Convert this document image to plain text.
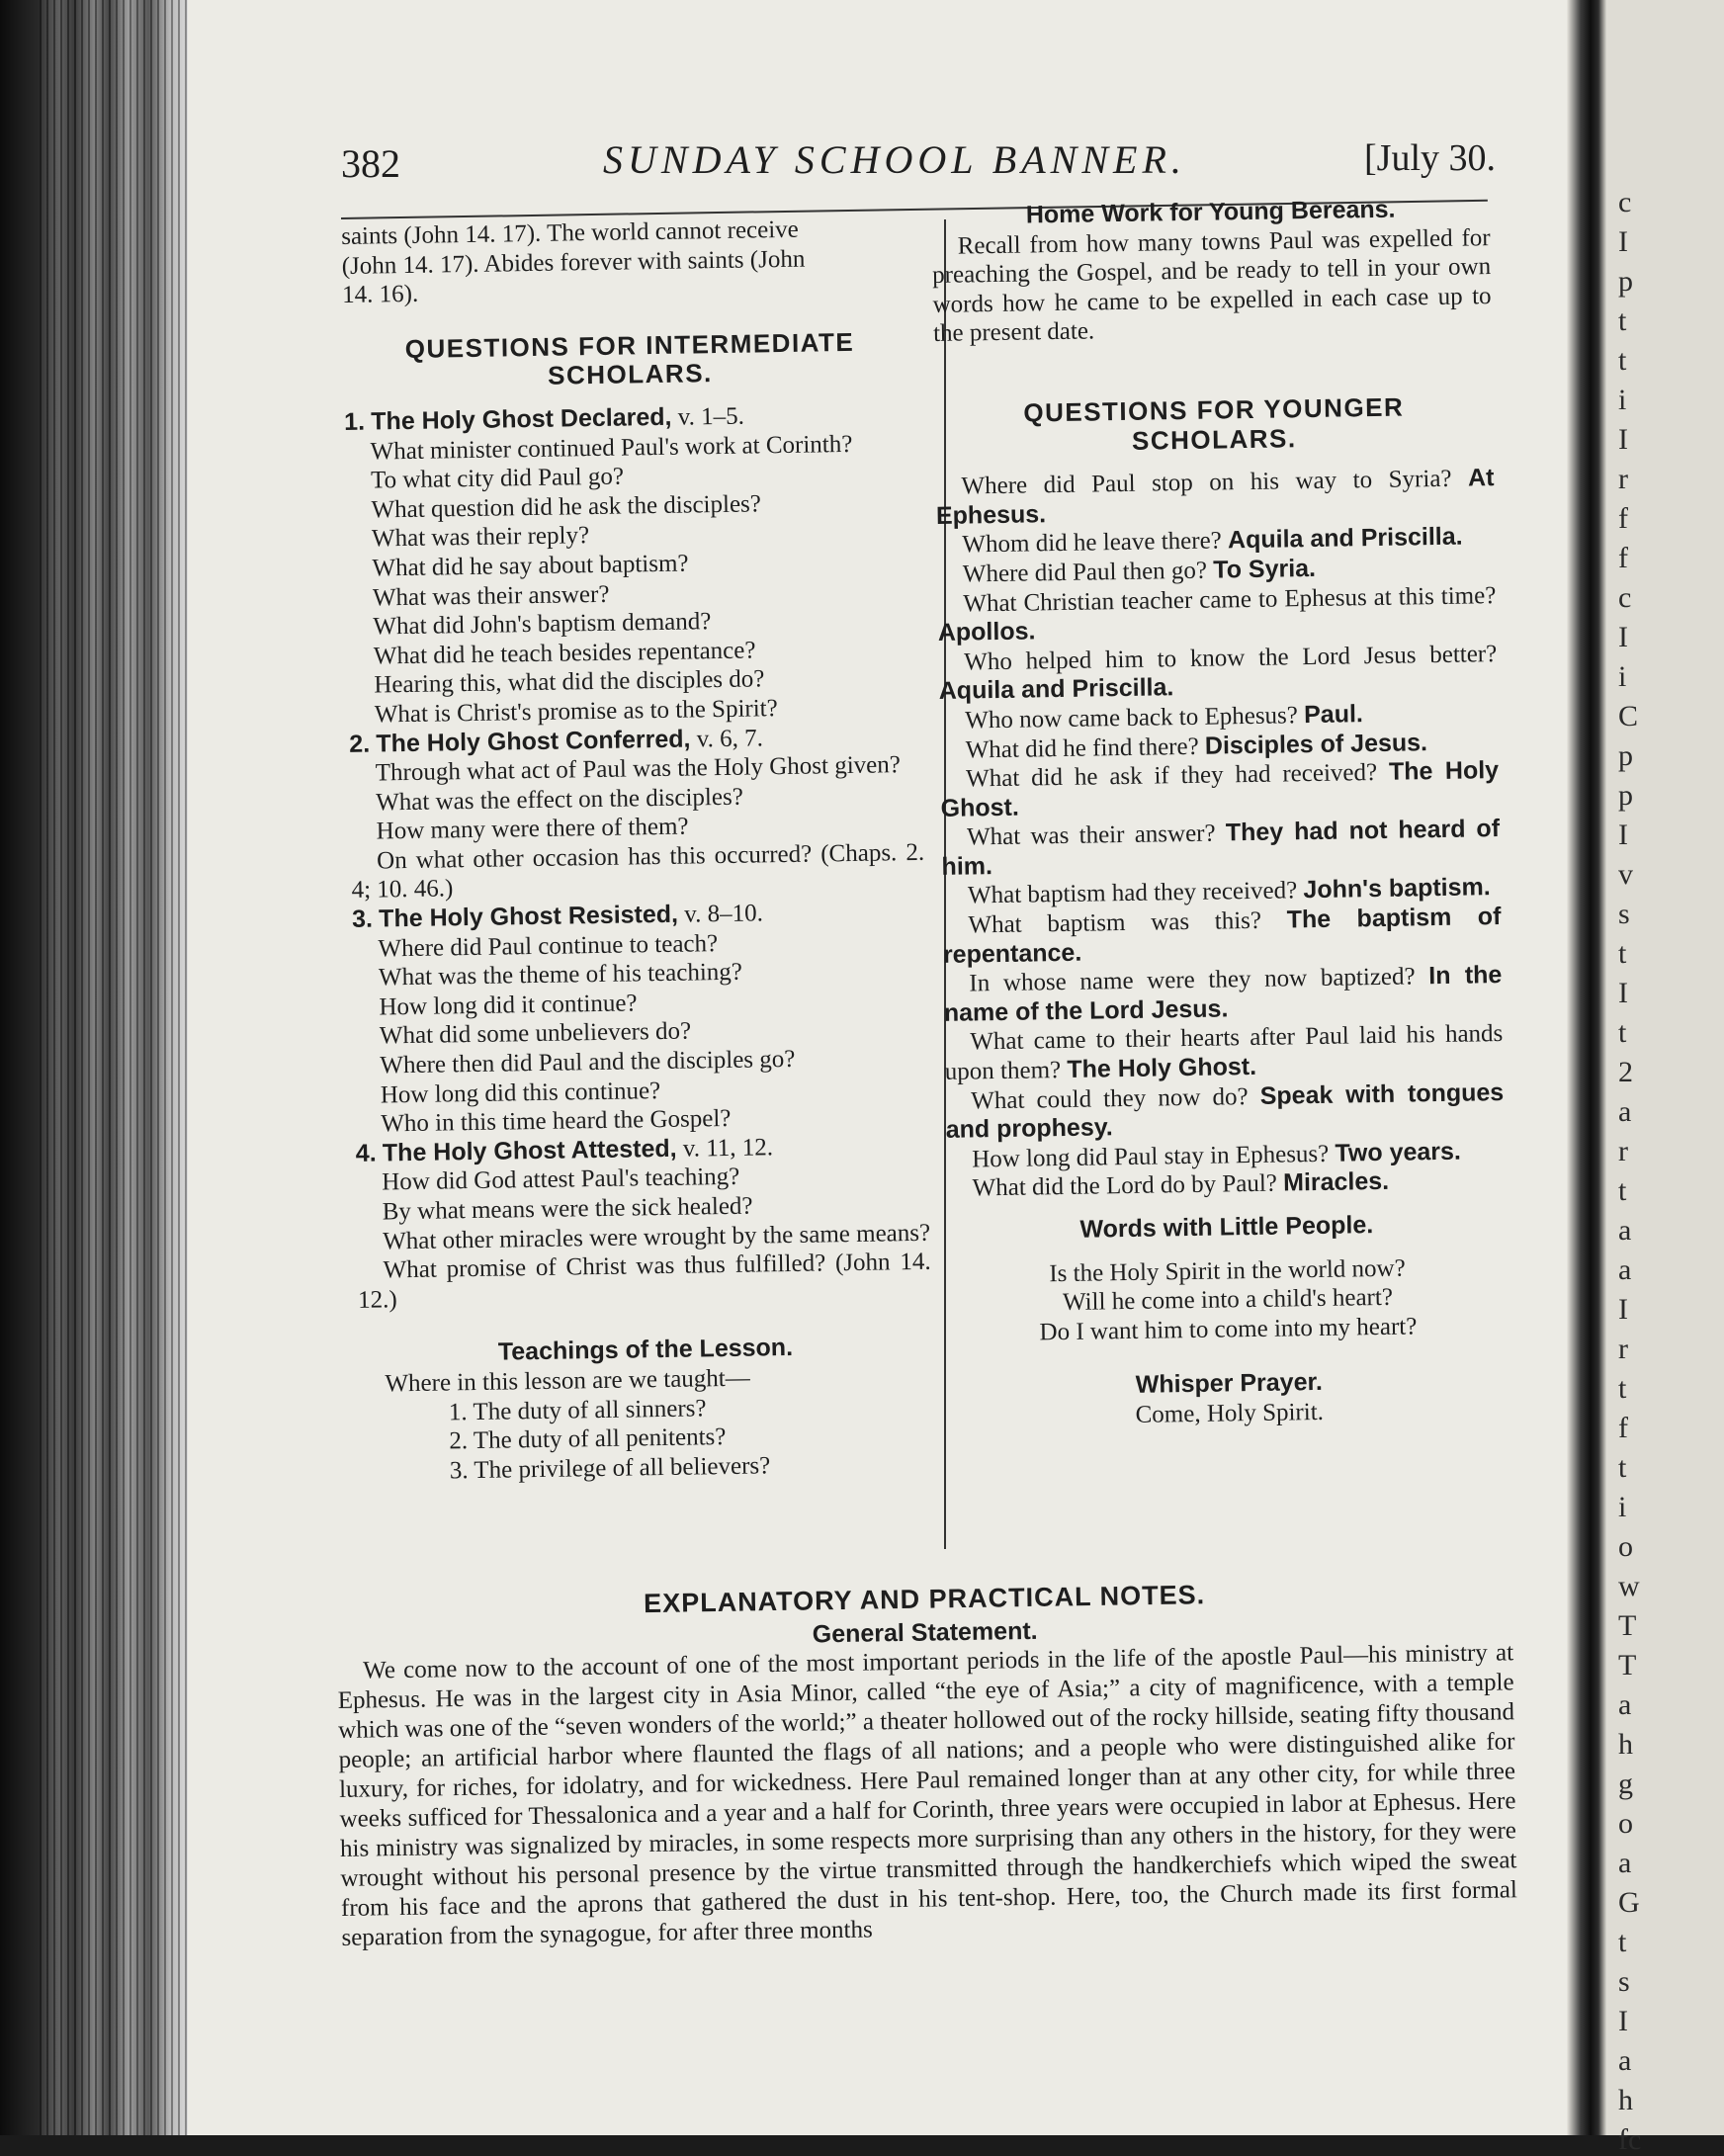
c
I
p
t
t
i
I
r
f
f
c
I
i
C
p
p
I
v
s
t
I
t
2
a
r
t
a
a
I
r
t
f
t
i
o
w
T
T
a
h
g
o
a
G
t
s
I
a
h
fc
382	SUNDAY SCHOOL BANNER.	[July 30.

saints (John 14. 17). The world cannot receive

(John 14. 17). Abides forever with saints (John

14. 16).

QUESTIONS FOR INTERMEDIATE

SCHOLARS.

1. The Holy Ghost Declared, v. 1–5.

What minister continued Paul's work at Corinth?

To what city did Paul go?

What question did he ask the disciples?

What was their reply?

What did he say about baptism?

What was their answer?

What did John's baptism demand?

What did he teach besides repentance?

Hearing this, what did the disciples do?

What is Christ's promise as to the Spirit?

2. The Holy Ghost Conferred, v. 6, 7.

Through what act of Paul was the Holy Ghost given?

What was the effect on the disciples?

How many were there of them?

On what other occasion has this occurred? (Chaps. 2. 4; 10. 46.)

3. The Holy Ghost Resisted, v. 8–10.

Where did Paul continue to teach?

What was the theme of his teaching?

How long did it continue?

What did some unbelievers do?

Where then did Paul and the disciples go?

How long did this continue?

Who in this time heard the Gospel?

4. The Holy Ghost Attested, v. 11, 12.

How did God attest Paul's teaching?

By what means were the sick healed?

What other miracles were wrought by the same means?

What promise of Christ was thus fulfilled? (John 14. 12.)

Teachings of the Lesson.

Where in this lesson are we taught—

1. The duty of all sinners?

2. The duty of all penitents?

3. The privilege of all believers?

Home Work for Young Bereans.

Recall from how many towns Paul was expelled for preaching the Gospel, and be ready to tell in your own words how he came to be expelled in each case up to the present date.

QUESTIONS FOR YOUNGER

SCHOLARS.

Where did Paul stop on his way to Syria? At Ephesus.

Whom did he leave there? Aquila and Priscilla.

Where did Paul then go? To Syria.

What Christian teacher came to Ephesus at this time? Apollos.

Who helped him to know the Lord Jesus better? Aquila and Priscilla.

Who now came back to Ephesus? Paul.

What did he find there? Disciples of Jesus.

What did he ask if they had received? The Holy Ghost.

What was their answer? They had not heard of him.

What baptism had they received? John's baptism.

What baptism was this? The baptism of repentance.

In whose name were they now baptized? In the name of the Lord Jesus.

What came to their hearts after Paul laid his hands upon them? The Holy Ghost.

What could they now do? Speak with tongues and prophesy.

How long did Paul stay in Ephesus? Two years.

What did the Lord do by Paul? Miracles.

Words with Little People.

Is the Holy Spirit in the world now?

Will he come into a child's heart?

Do I want him to come into my heart?

Whisper Prayer.

Come, Holy Spirit.

EXPLANATORY AND PRACTICAL NOTES.

General Statement.

We come now to the account of one of the most important periods in the life of the apostle Paul—his ministry at Ephesus. He was in the largest city in Asia Minor, called “the eye of Asia;” a city of magnificence, with a temple which was one of the “seven wonders of the world;” a theater hollowed out of the rocky hillside, seating fifty thousand people; an artificial harbor where flaunted the flags of all nations; and a people who were distinguished alike for luxury, for riches, for idolatry, and for wickedness. Here Paul remained longer than at any other city, for while three weeks sufficed for Thessalonica and a year and a half for Corinth, three years were occupied in labor at Ephesus. Here his ministry was signalized by miracles, in some respects more surprising than any others in the history, for they were wrought without his personal presence by the virtue transmitted through the handkerchiefs which wiped the sweat from his face and the aprons that gathered the dust in his tent-shop. Here, too, the Church made its first formal separation from the synagogue, for after three months
